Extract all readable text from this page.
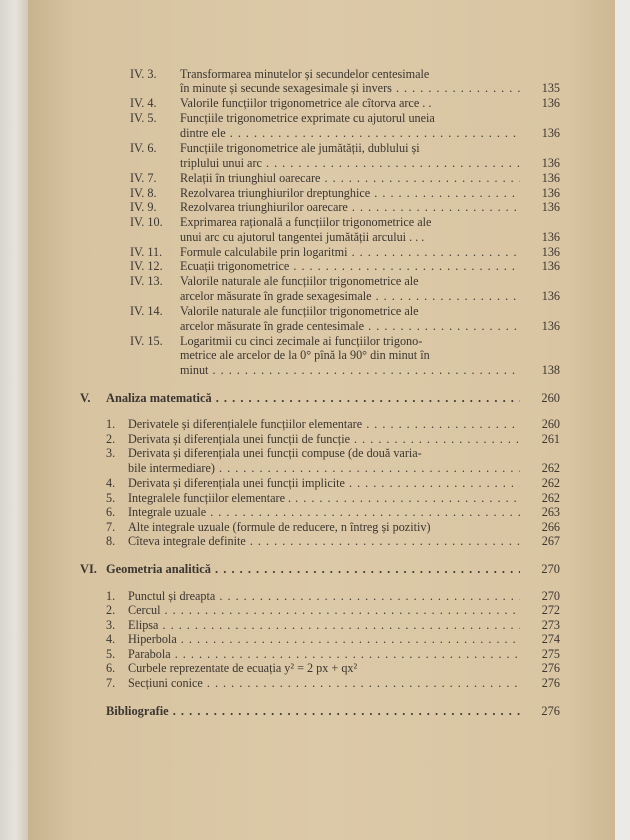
IV. 3. Transformarea minutelor și secundelor centesimale
în minute și secunde sexagesimale și invers . . .	135
IV. 4. Valorile funcțiilor trigonometrice ale cîtorva arce . .	136
IV. 5. Funcțiile trigonometrice exprimate cu ajutorul uneia
dintre ele . . .	136
IV. 6. Funcțiile trigonometrice ale jumătății, dublului și
triplului unui arc . . .	136
IV. 7. Relații în triunghiul oarecare . . .	136
IV. 8. Rezolvarea triunghiurilor dreptunghice . . .	136
IV. 9. Rezolvarea triunghiurilor oarecare . . .	136
IV. 10. Exprimarea rațională a funcțiilor trigonometrice ale
unui arc cu ajutorul tangentei jumătății arcului . . .	136
IV. 11. Formule calculabile prin logaritmi . . .	136
IV. 12. Ecuații trigonometrice . . .	136
IV. 13. Valorile naturale ale funcțiilor trigonometrice ale
arcelor măsurate în grade sexagesimale . . .	136
IV. 14. Valorile naturale ale funcțiilor trigonometrice ale
arcelor măsurate în grade centesimale . . .	136
IV. 15. Logaritmii cu cinci zecimale ai funcțiilor trigono-
metrice ale arcelor de la 0° pînă la 90° din minut în
minut . . .	138
V. Analiza matematică . . .	260
1. Derivatele și diferențialele funcțiilor elementare . . .	260
2. Derivata și diferențiala unei funcții de funcție . . .	261
3. Derivata și diferențiala unei funcții compuse (de două varia-
bile intermediare) . . .	262
4. Derivata și diferențiala unei funcții implicite . . .	262
5. Integralele funcțiilor elementare . . . .	262
6. Integrale uzuale . . .	263
7. Alte integrale uzuale (formule de reducere, n întreg și pozitiv)	266
8. Cîteva integrale definite . . .	267
VI. Geometria analitică . . .	270
1. Punctul și dreapta . . .	270
2. Cercul . . .	272
3. Elipsa . . .	273
4. Hiperbola . . .	274
5. Parabola . . .	275
6. Curbele reprezentate de ecuația y² = 2 px + qx²	276
7. Secțiuni conice . . .	276
Bibliografie . . .	276
